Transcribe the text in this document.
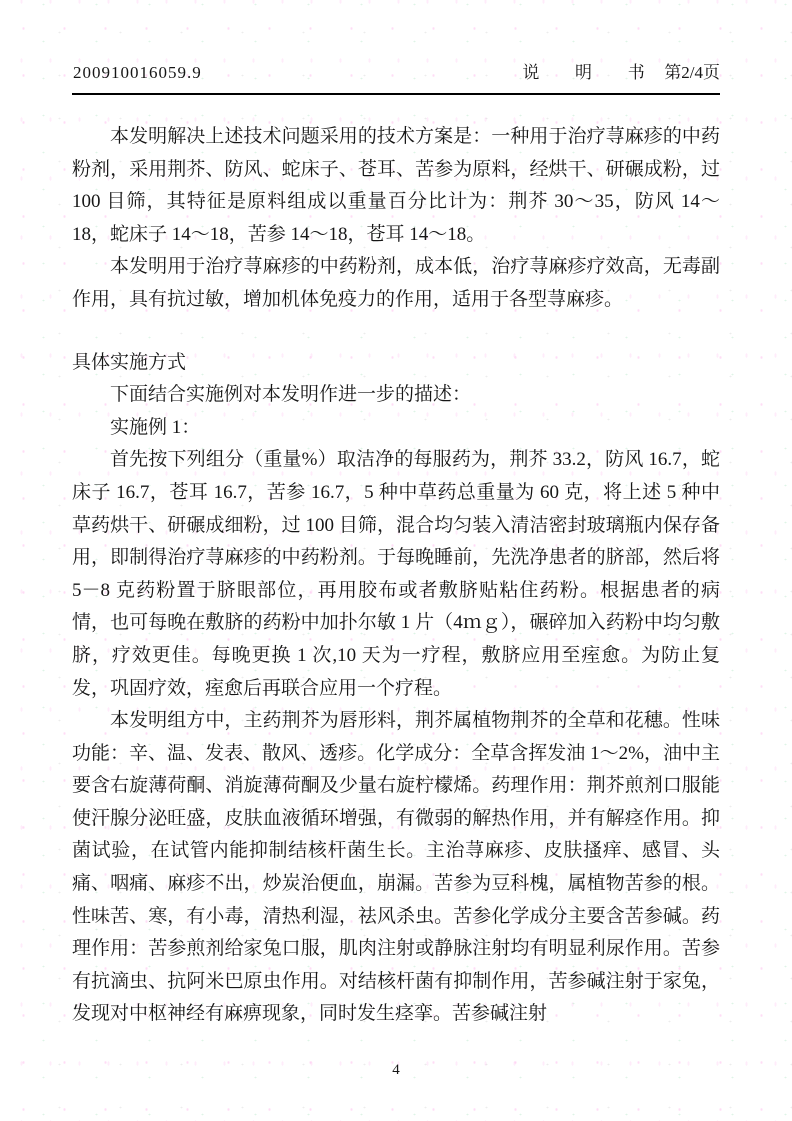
200910016059.9	说　明　书 第2/4页

本发明解决上述技术问题采用的技术方案是：一种用于治疗荨麻疹的中药粉剂，采用荆芥、防风、蛇床子、苍耳、苦参为原料，经烘干、研碾成粉，过 100 目筛，其特征是原料组成以重量百分比计为：荆芥 30～35，防风 14～18，蛇床子 14～18，苦参 14～18，苍耳 14～18。

本发明用于治疗荨麻疹的中药粉剂，成本低，治疗荨麻疹疗效高，无毒副作用，具有抗过敏，增加机体免疫力的作用，适用于各型荨麻疹。

具体实施方式

下面结合实施例对本发明作进一步的描述：

实施例 1：

首先按下列组分（重量%）取洁净的每服药为，荆芥 33.2，防风 16.7，蛇床子 16.7，苍耳 16.7，苦参 16.7，5 种中草药总重量为 60 克，将上述 5 种中草药烘干、研碾成细粉，过 100 目筛，混合均匀装入清洁密封玻璃瓶内保存备用，即制得治疗荨麻疹的中药粉剂。于每晚睡前，先洗净患者的脐部，然后将 5－8 克药粉置于脐眼部位，再用胶布或者敷脐贴粘住药粉。根据患者的病情，也可每晚在敷脐的药粉中加扑尔敏 1 片（4ｍｇ），碾碎加入药粉中均匀敷脐，疗效更佳。每晚更换 1 次,10 天为一疗程，敷脐应用至痓愈。为防止复发，巩固疗效，痓愈后再联合应用一个疗程。

本发明组方中，主药荆芥为唇形料，荆芥属植物荆芥的全草和花穗。性味功能：辛、温、发表、散风、透疹。化学成分：全草含挥发油 1～2%，油中主要含右旋薄荷酮、消旋薄荷酮及少量右旋柠檬烯。药理作用：荆芥煎剂口服能使汗腺分泌旺盛，皮肤血液循环增强，有微弱的解热作用，并有解痉作用。抑菌试验，在试管内能抑制结核杆菌生长。主治荨麻疹、皮肤搔痒、感冒、头痛、咽痛、麻疹不出，炒炭治便血，崩漏。苦参为豆科槐，属植物苦参的根。性味苦、寒，有小毒，清热利湿，祛风杀虫。苦参化学成分主要含苦参碱。药理作用：苦参煎剂给家兔口服，肌肉注射或静脉注射均有明显利尿作用。苦参有抗滴虫、抗阿米巴原虫作用。对结核杆菌有抑制作用，苦参碱注射于家兔，发现对中枢神经有麻痹现象，同时发生痉挛。苦参碱注射

4
